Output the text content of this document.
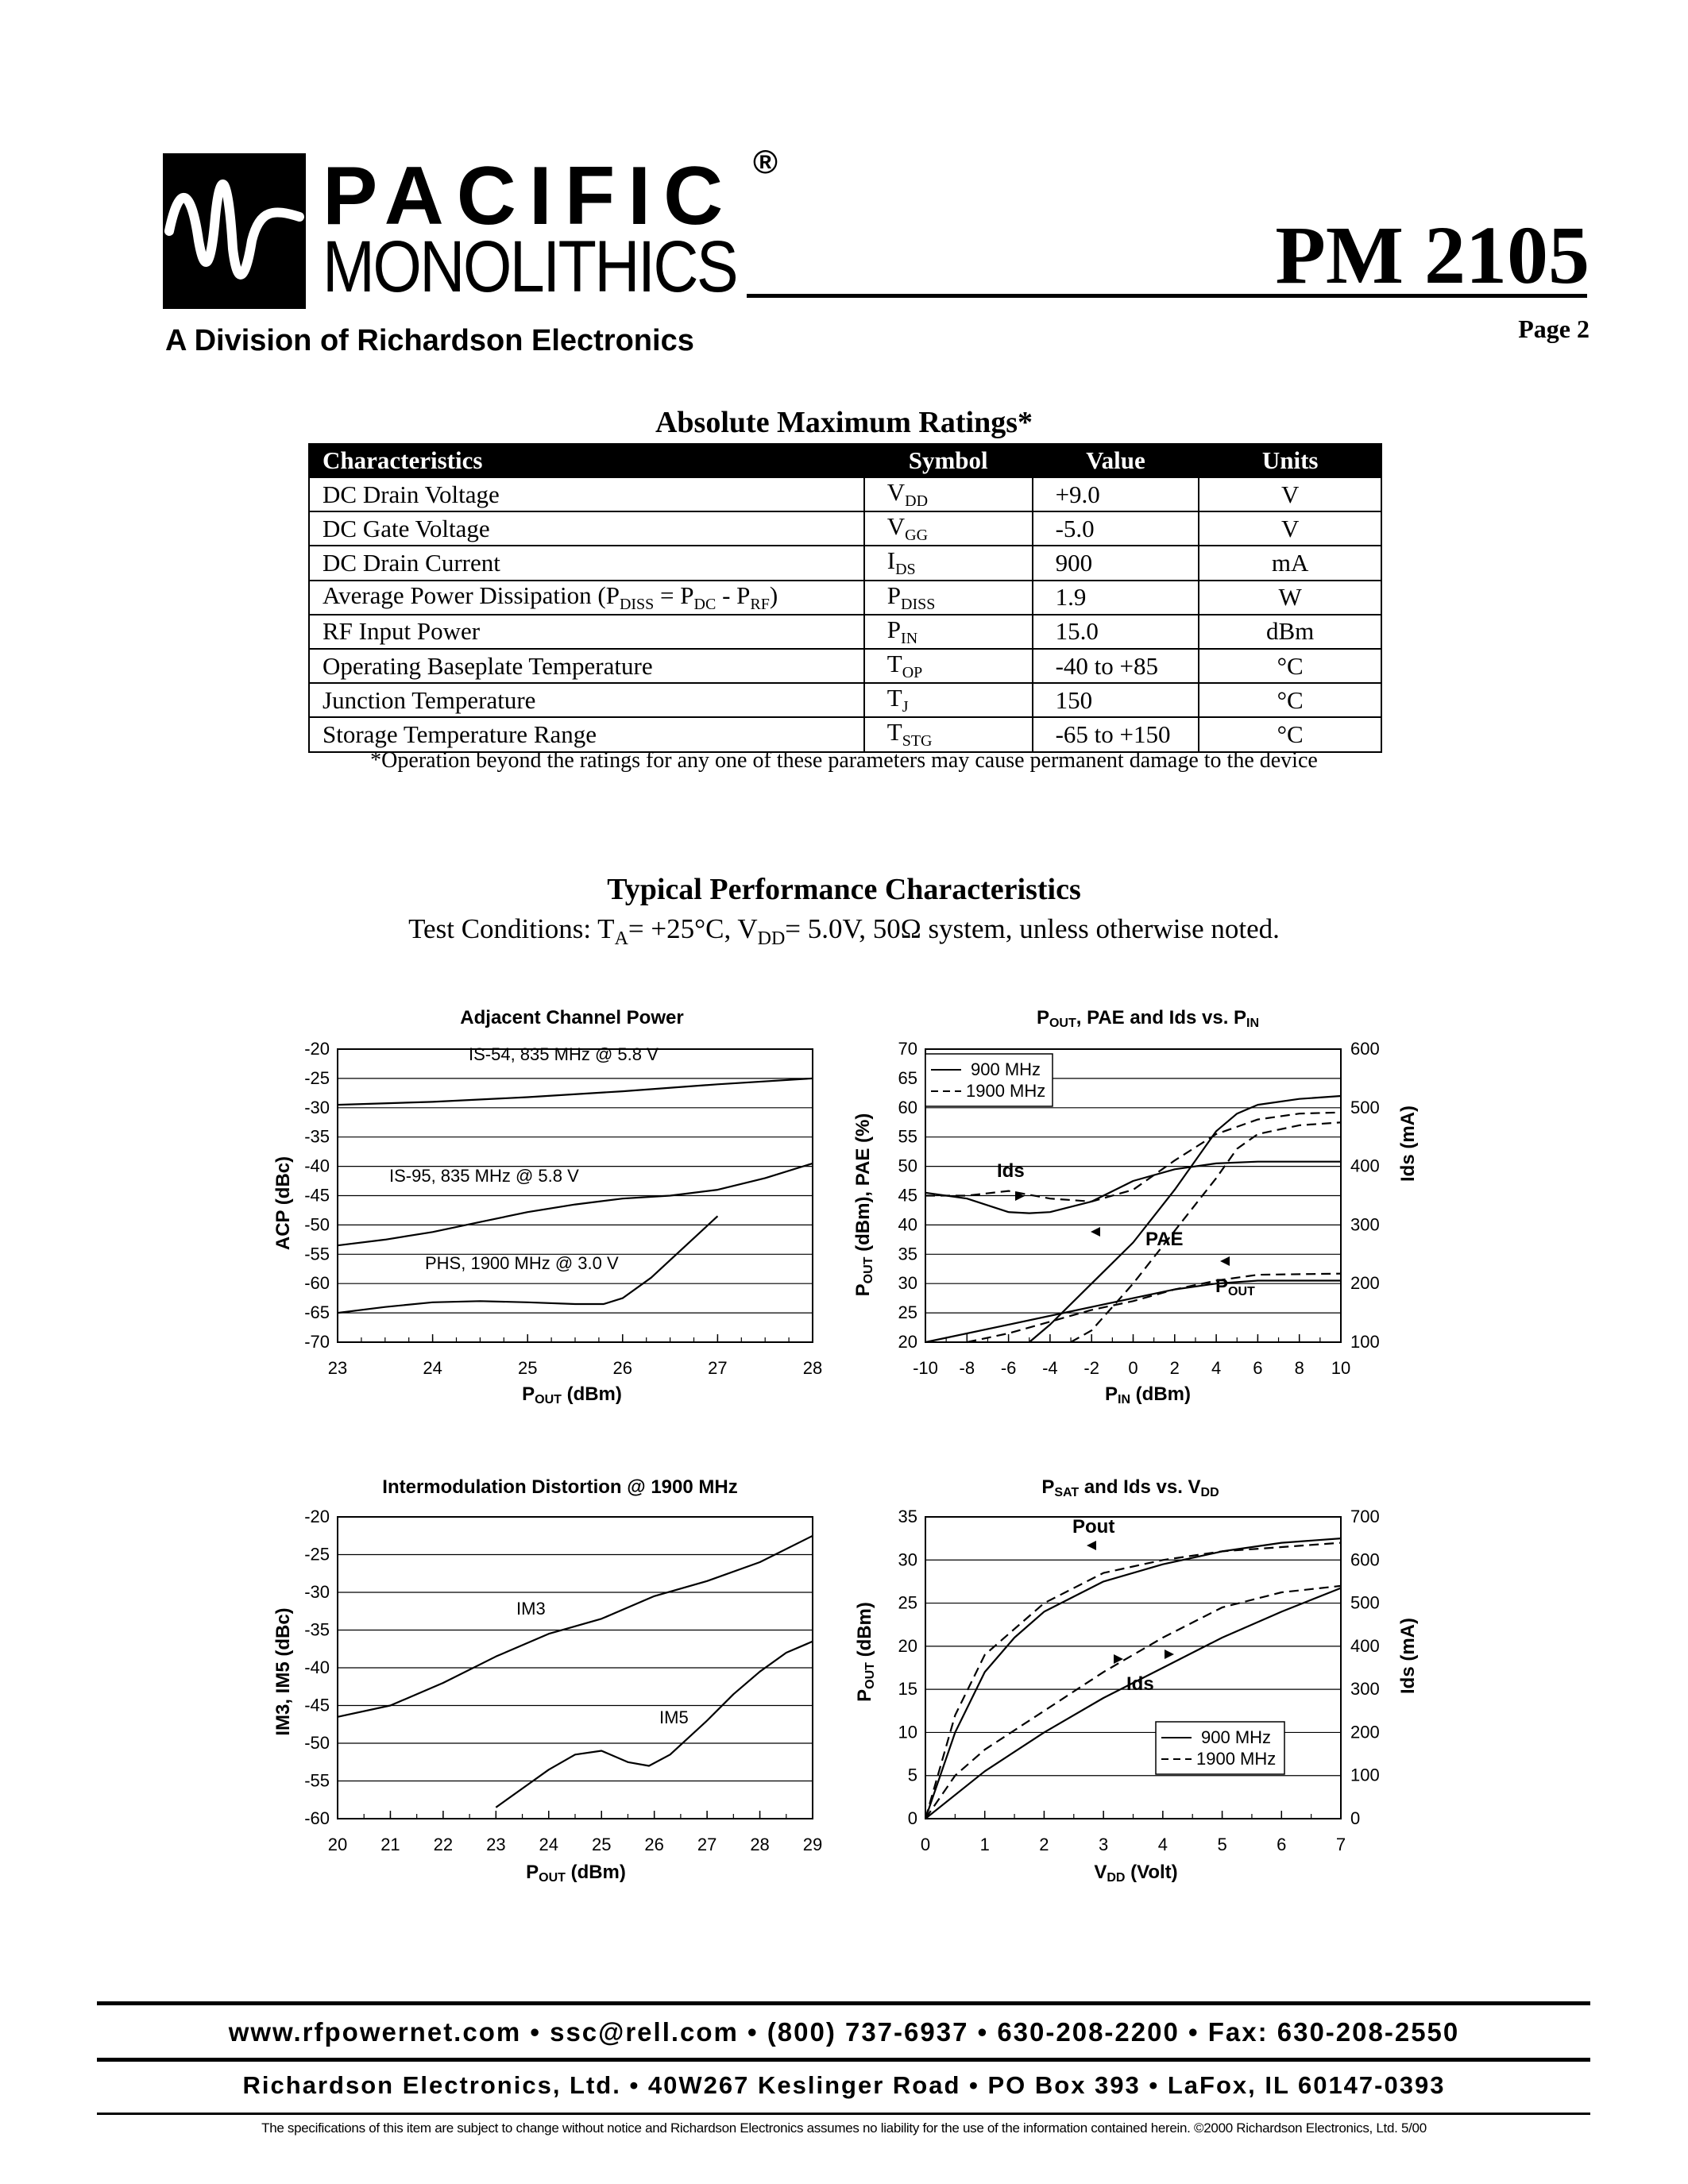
PACIFIC
MONOLITHICS
®
PM 2105
Page 2
A Division of Richardson Electronics
Absolute Maximum Ratings*
Characteristics	Symbol	Value	Units
DC Drain Voltage	$V_{DD}$	+9.0	V
DC Gate Voltage	$V_{GG}$	-5.0	V
DC Drain Current	$I_{DS}$	900	mA
Average Power Dissipation $(P_{DISS} = P_{DC} - P_{RF})$	$P_{DISS}$	1.9	W
RF Input Power	$P_{IN}$	15.0	dBm
Operating Baseplate Temperature	$T_{OP}$	-40 to +85	°C
Junction Temperature	$T_J$	150	°C
Storage Temperature Range	$T_{STG}$	-65 to +150	°C
*Operation beyond the ratings for any one of these parameters may cause permanent damage to the device
Typical Performance Characteristics
Test Conditions: $T_A= +25^\circ C$, $V_{DD}= 5.0V$, 50Ω system, unless otherwise noted.
Adjacent Channel Power
-20
-25
-30
-35
-40
-45
-50
-55
-60
-65
-70
23	24	25	26	27	28
IS-54, 835 MHz @ 5.8 V
IS-95, 835 MHz @ 5.8 V
PHS, 1900 MHz @ 3.0 V
POUT (dBm)
ACP (dBc)
POUT, PAE and Ids vs. PIN
20
25
30
35
40
45
50
55
60
65
70
-10 -8 -6 -4 -2 0 2 4 6 8 10
100
200
300
400
500
600
900 MHz
1900 MHz
Ids
PAE
POUT
PIN (dBm)
POUT (dBm), PAE (%)	Ids (mA)
Intermodulation Distortion @ 1900 MHz
-20
-25
-30
-35
-40
-45
-50
-55
-60
20 21 22 23 24 25 26 27 28 29
IM3
IM5
POUT (dBm)
IM3, IM5 (dBc)
PSAT and Ids vs. VDD
0
5
10
15
20
25
30
35
0	1	2	3	4	5	6	7
0
100
200
300
400
500
600
700
Pout
Ids
900 MHz
1900 MHz
VDD (Volt)
POUT (dBm)	Ids (mA)
www.rfpowernet.com • ssc@rell.com • (800) 737-6937 • 630-208-2200 • Fax: 630-208-2550
Richardson Electronics, Ltd. • 40W267 Keslinger Road • PO Box 393 • LaFox, IL 60147-0393
The specifications of this item are subject to change without notice and Richardson Electronics assumes no liability for the use of the information contained herein. ©2000 Richardson Electronics, Ltd. 5/00
